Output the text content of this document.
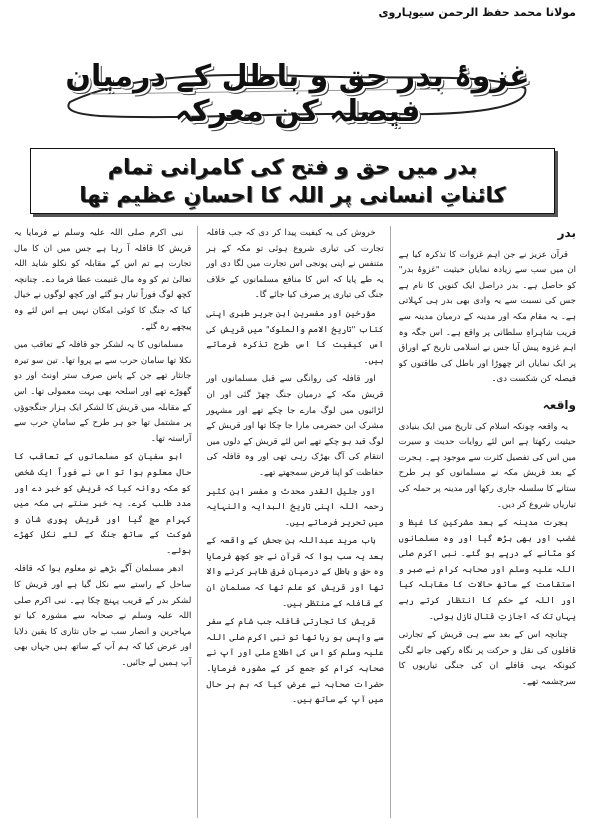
مولانا محمد حفظ الرحمن سیوہاروی
غزوۂ بدر حق و باطل کے درمیان فیصلہ کن معرکہ
بدر میں حق و فتح کی کامرانی تمام
کائناتِ انسانی پر اللہ کا احسانِ عظیم تھا
بدر

قرآن عزیز نے جن اہم غزوات کا تذکرہ کیا ہے ان میں سب سے زیادہ نمایاں حیثیت "غزوۂ بدر" کو حاصل ہے۔ بدر دراصل ایک کنویں کا نام ہے جس کی نسبت سے یہ وادی بھی بدر ہی کہلاتی ہے۔ یہ مقام مکہ اور مدینہ کے درمیان مدینہ سے قریب شاہراہِ سلطانی پر واقع ہے۔ اس جگہ وہ اہم غزوہ پیش آیا جس نے اسلامی تاریخ کے اوراق پر ایک نمایاں اثر چھوڑا اور باطل کی طاقتوں کو فیصلہ کن شکست دی۔

واقعہ

یہ واقعہ چونکہ اسلام کی تاریخ میں ایک بنیادی حیثیت رکھتا ہے اس لئے روایات حدیث و سیرت میں اس کی تفصیل کثرت سے موجود ہے۔ ہجرت کے بعد قریش مکہ نے مسلمانوں کو ہر طرح ستانے کا سلسلہ جاری رکھا اور مدینہ پر حملہ کی تیاریاں شروع کر دیں۔

ہجرت مدینہ کے بعد مشرکین کا غیظ و غضب اور بھی بڑھ گیا اور وہ مسلمانوں کو مٹانے کے درپے ہو گئے۔ نبی اکرم صلی اللہ علیہ وسلم اور صحابہ کرام نے صبر و استقامت کے ساتھ حالات کا مقابلہ کیا اور اللہ کے حکم کا انتظار کرتے رہے یہاں تک کہ اجازتِ قتال نازل ہوئی۔

چنانچہ اس کے بعد سے ہی قریش کے تجارتی قافلوں کی نقل و حرکت پر نگاہ رکھی جانے لگی کیونکہ یہی قافلے ان کی جنگی تیاریوں کا سرچشمہ تھے۔

خروش کی یہ کیفیت پیدا کر دی کہ جب قافلہ تجارت کی تیاری شروع ہوئی تو مکہ کے ہر متنفس نے اپنی پونجی اس تجارت میں لگا دی اور یہ طے پایا کہ اس کا منافع مسلمانوں کے خلاف جنگ کی تیاری پر صرف کیا جائے گا۔

مؤرخین اور مفسرین ابن جریر طبری اپنی کتاب "تاریخ الامم والملوک" میں قریش کی اس کیفیت کا اس طرح تذکرہ فرماتے ہیں۔

اور قافلہ کی روانگی سے قبل مسلمانوں اور قریش مکہ کے درمیان جنگ چھڑ گئی اور ان لڑائیوں میں لوگ مارے جا چکے تھے اور مشہور مشرک ابن حضرمی مارا جا چکا تھا اور قریش کے لوگ قید ہو چکے تھے اس لئے قریش کے دلوں میں انتقام کی آگ بھڑک رہی تھی اور وہ قافلہ کی حفاظت کو اپنا فرض سمجھتے تھے۔

اور جلیل القدر محدث و مفسر ابن کثیر رحمہ اللہ اپنی تاریخ البدایہ والنہایہ میں تحریر فرماتے ہیں۔

باب مرید عبداللہ بن جحش کے واقعہ کے بعد یہ سب ہوا کہ قرآن نے جو کچھ فرمایا وہ حق و باطل کے درمیان فرق ظاہر کرنے والا تھا اور قریش کو علم تھا کہ مسلمان ان کے قافلہ کے منتظر ہیں۔

قریش کا تجارتی قافلہ جب شام کے سفر سے واپس ہو رہا تھا تو نبی اکرم صلی اللہ علیہ وسلم کو اس کی اطلاع ملی اور آپ نے صحابہ کرام کو جمع کر کے مشورہ فرمایا۔ حضرات صحابہ نے عرض کیا کہ ہم ہر حال میں آپ کے ساتھ ہیں۔

نبی اکرم صلی اللہ علیہ وسلم نے فرمایا یہ قریش کا قافلہ آ رہا ہے جس میں ان کا مال تجارت ہے تم اس کے مقابلہ کو نکلو شاید اللہ تعالیٰ تم کو وہ مال غنیمت عطا فرما دے۔ چنانچہ کچھ لوگ فوراً تیار ہو گئے اور کچھ لوگوں نے خیال کیا کہ جنگ کا کوئی امکان نہیں ہے اس لئے وہ پیچھے رہ گئے۔

مسلمانوں کا یہ لشکر جو قافلہ کے تعاقب میں نکلا تھا سامان حرب سے بے پروا تھا۔ تین سو تیرہ جانثار تھے جن کے پاس صرف ستر اونٹ اور دو گھوڑے تھے اور اسلحہ بھی بہت معمولی تھا۔ اس کے مقابلہ میں قریش کا لشکر ایک ہزار جنگجوؤں پر مشتمل تھا جو ہر طرح کے سامانِ حرب سے آراستہ تھا۔

ابو سفیان کو مسلمانوں کے تعاقب کا حال معلوم ہوا تو اس نے فوراً ایک شخص کو مکہ روانہ کیا کہ قریش کو خبر دے اور مدد طلب کرے۔ یہ خبر سنتے ہی مکہ میں کہرام مچ گیا اور قریش پوری شان و شوکت کے ساتھ جنگ کے لئے نکل کھڑے ہوئے۔

ادھر مسلمان آگے بڑھے تو معلوم ہوا کہ قافلہ ساحل کے راستے سے نکل گیا ہے اور قریش کا لشکر بدر کے قریب پہنچ چکا ہے۔ نبی اکرم صلی اللہ علیہ وسلم نے صحابہ سے مشورہ کیا تو مہاجرین و انصار سب نے جاں نثاری کا یقین دلایا اور عرض کیا کہ ہم آپ کے ساتھ ہیں جہاں بھی آپ ہمیں لے جائیں۔
